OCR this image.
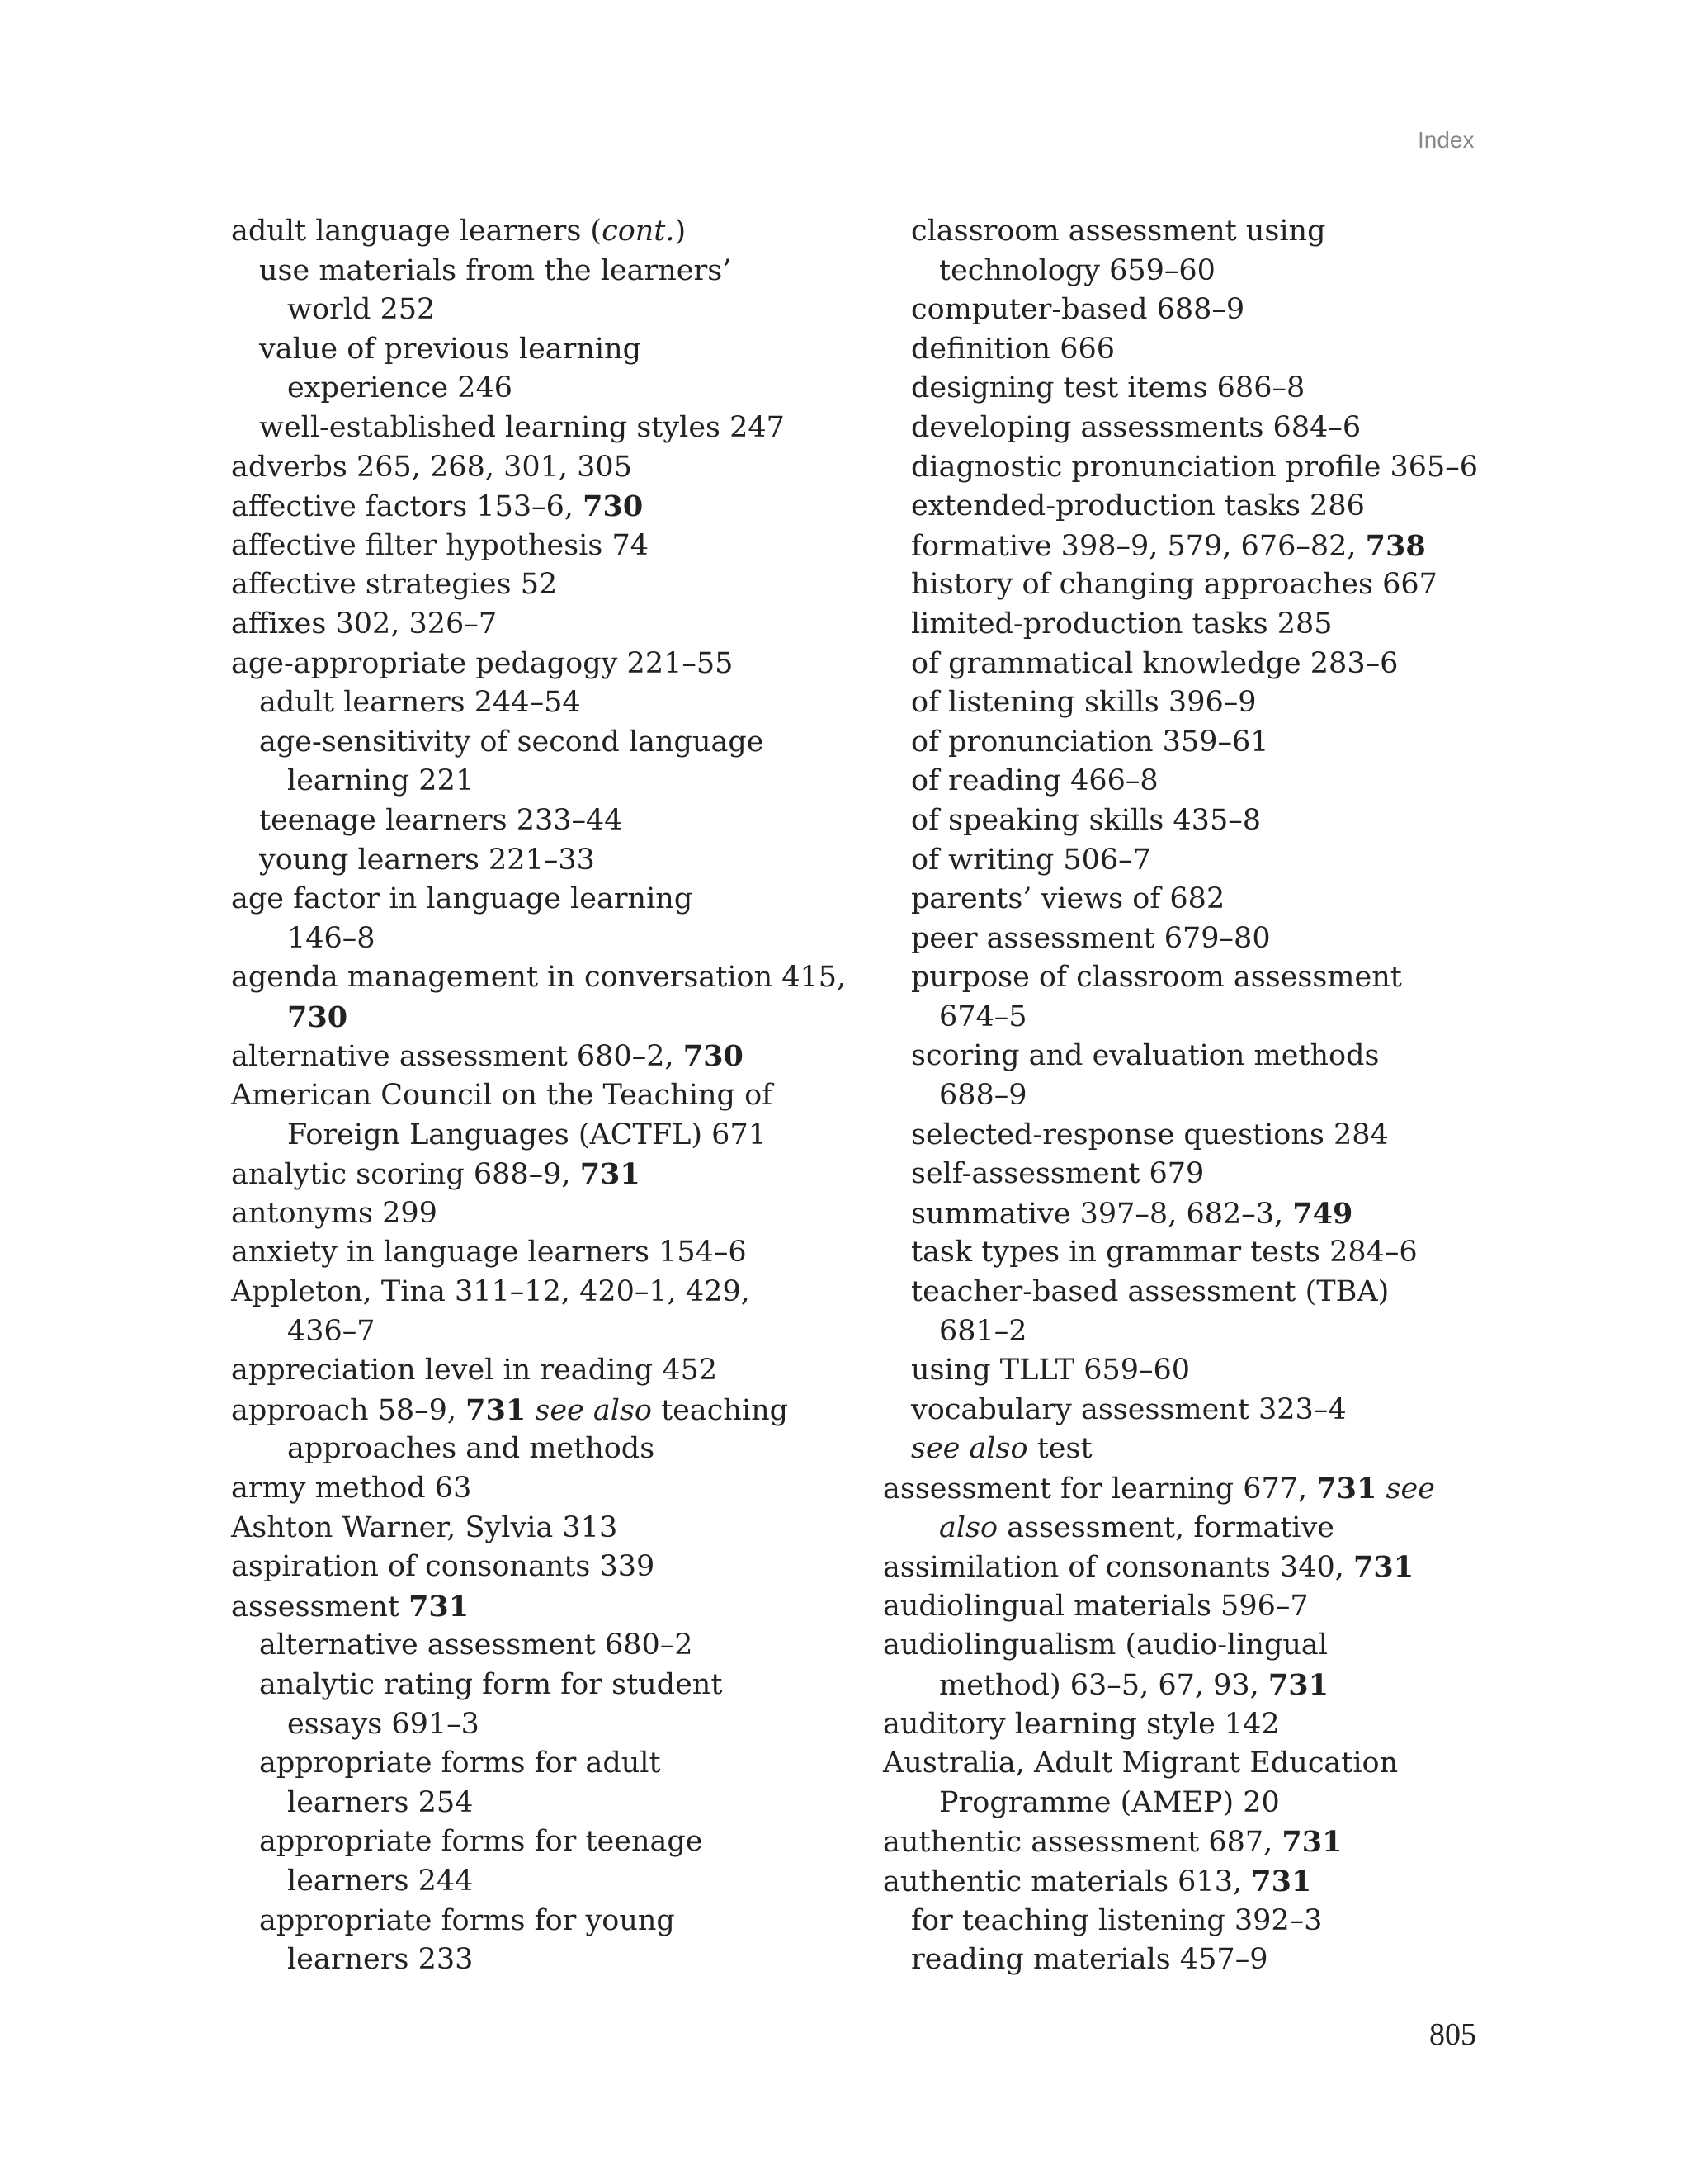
Index
adult language learners (cont.)
use materials from the learners’
world 252
value of previous learning
experience 246
well-established learning styles 247
adverbs 265, 268, 301, 305
affective factors 153–6, 730
affective filter hypothesis 74
affective strategies 52
affixes 302, 326–7
age-appropriate pedagogy 221–55
adult learners 244–54
age-sensitivity of second language
learning 221
teenage learners 233–44
young learners 221–33
age factor in language learning
146–8
agenda management in conversation 415,
730
alternative assessment 680–2, 730
American Council on the Teaching of
Foreign Languages (ACTFL) 671
analytic scoring 688–9, 731
antonyms 299
anxiety in language learners 154–6
Appleton, Tina 311–12, 420–1, 429,
436–7
appreciation level in reading 452
approach 58–9, 731 see also teaching
approaches and methods
army method 63
Ashton Warner, Sylvia 313
aspiration of consonants 339
assessment 731
alternative assessment 680–2
analytic rating form for student
essays 691–3
appropriate forms for adult
learners 254
appropriate forms for teenage
learners 244
appropriate forms for young
learners 233
classroom assessment using
technology 659–60
computer-based 688–9
definition 666
designing test items 686–8
developing assessments 684–6
diagnostic pronunciation profile 365–6
extended-production tasks 286
formative 398–9, 579, 676–82, 738
history of changing approaches 667
limited-production tasks 285
of grammatical knowledge 283–6
of listening skills 396–9
of pronunciation 359–61
of reading 466–8
of speaking skills 435–8
of writing 506–7
parents’ views of 682
peer assessment 679–80
purpose of classroom assessment
674–5
scoring and evaluation methods
688–9
selected-response questions 284
self-assessment 679
summative 397–8, 682–3, 749
task types in grammar tests 284–6
teacher-based assessment (TBA)
681–2
using TLLT 659–60
vocabulary assessment 323–4
see also test
assessment for learning 677, 731 see
also assessment, formative
assimilation of consonants 340, 731
audiolingual materials 596–7
audiolingualism (audio-lingual
method) 63–5, 67, 93, 731
auditory learning style 142
Australia, Adult Migrant Education
Programme (AMEP) 20
authentic assessment 687, 731
authentic materials 613, 731
for teaching listening 392–3
reading materials 457–9
805
